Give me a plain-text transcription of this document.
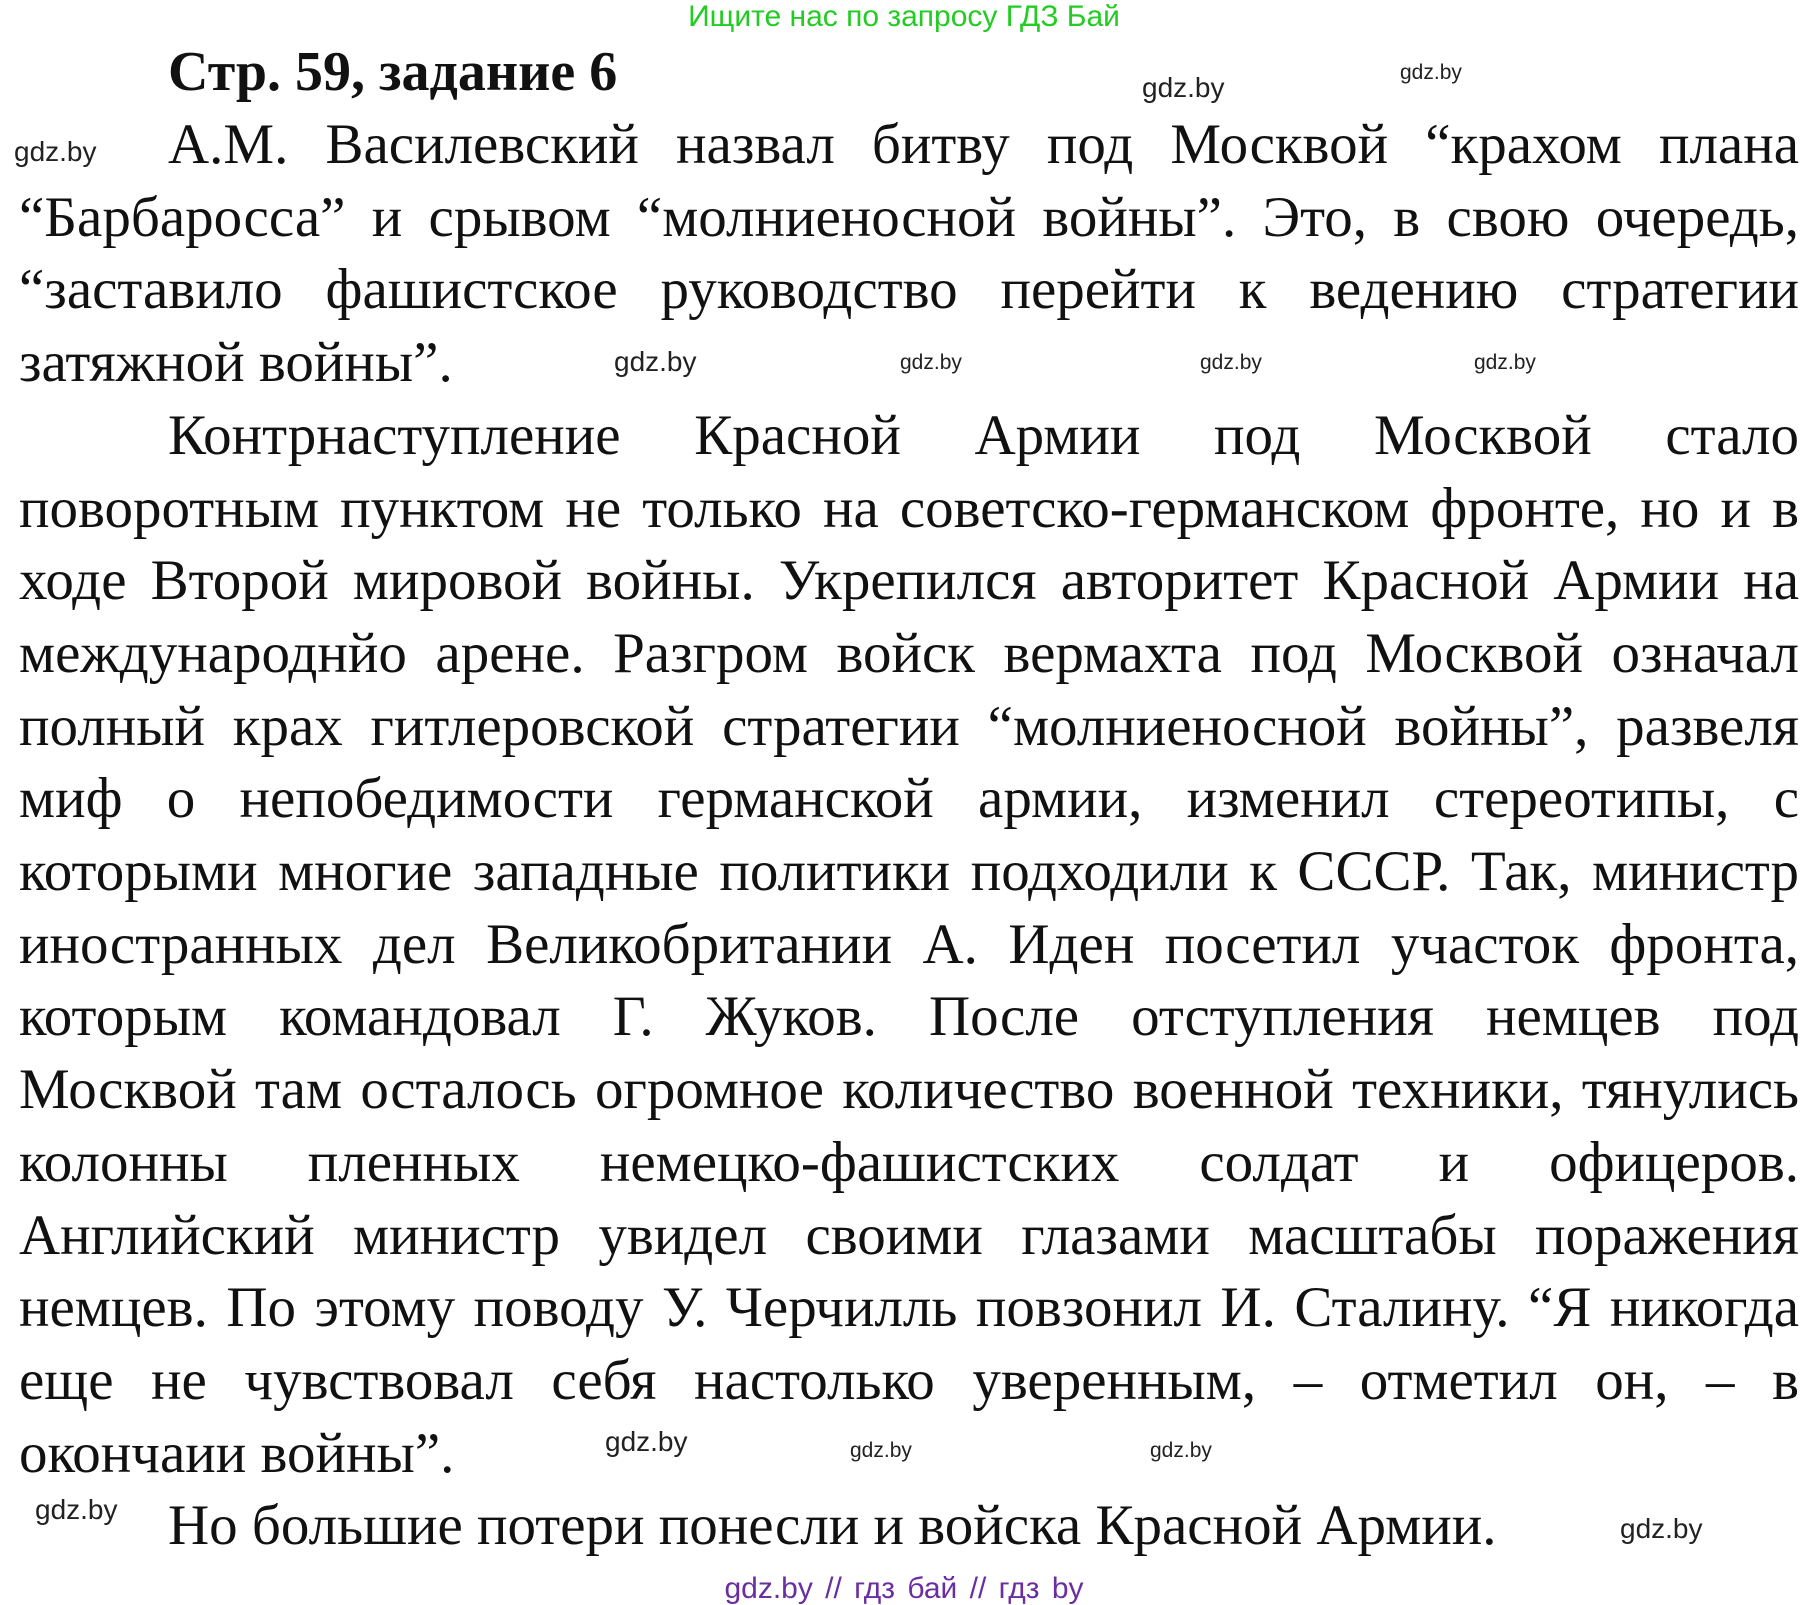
Ищите нас по запросу ГДЗ Бай
Стр. 59, задание 6
А.М. Василевский назвал битву под Москвой “крахом плана
“Барбаросса” и срывом “молниеносной войны”. Это, в свою очередь,
“заставило фашистское руководство перейти к ведению стратегии
затяжной войны”.
Контрнаступление Красной Армии под Москвой стало
поворотным пунктом не только на советско-германском фронте, но и в
ходе Второй мировой войны. Укрепился авторитет Красной Армии на
международнйо арене. Разгром войск вермахта под Москвой означал
полный крах гитлеровской стратегии “молниеносной войны”, развеля
миф о непобедимости германской армии, изменил стереотипы, с
которыми многие западные политики подходили к СССР. Так, министр
иностранных дел Великобритании А. Иден посетил участок фронта,
которым командовал Г. Жуков. После отступления немцев под
Москвой там осталось огромное количество военной техники, тянулись
колонны пленных немецко-фашистских солдат и офицеров.
Английский министр увидел своими глазами масштабы поражения
немцев. По этому поводу У. Черчилль повзонил И. Сталину. “Я никогда
еще не чувствовал себя настолько уверенным, – отметил он, – в
окончаии войны”.
Но большие потери понесли и войска Красной Армии.
gdz.by
gdz.by
gdz.by	gdz.by
gdz.by
gdz.by	gdz.by
gdz.by	gdz.by
gdz.by
gdz.by
gdz.by
gdz.by // гдз бай // гдз by
